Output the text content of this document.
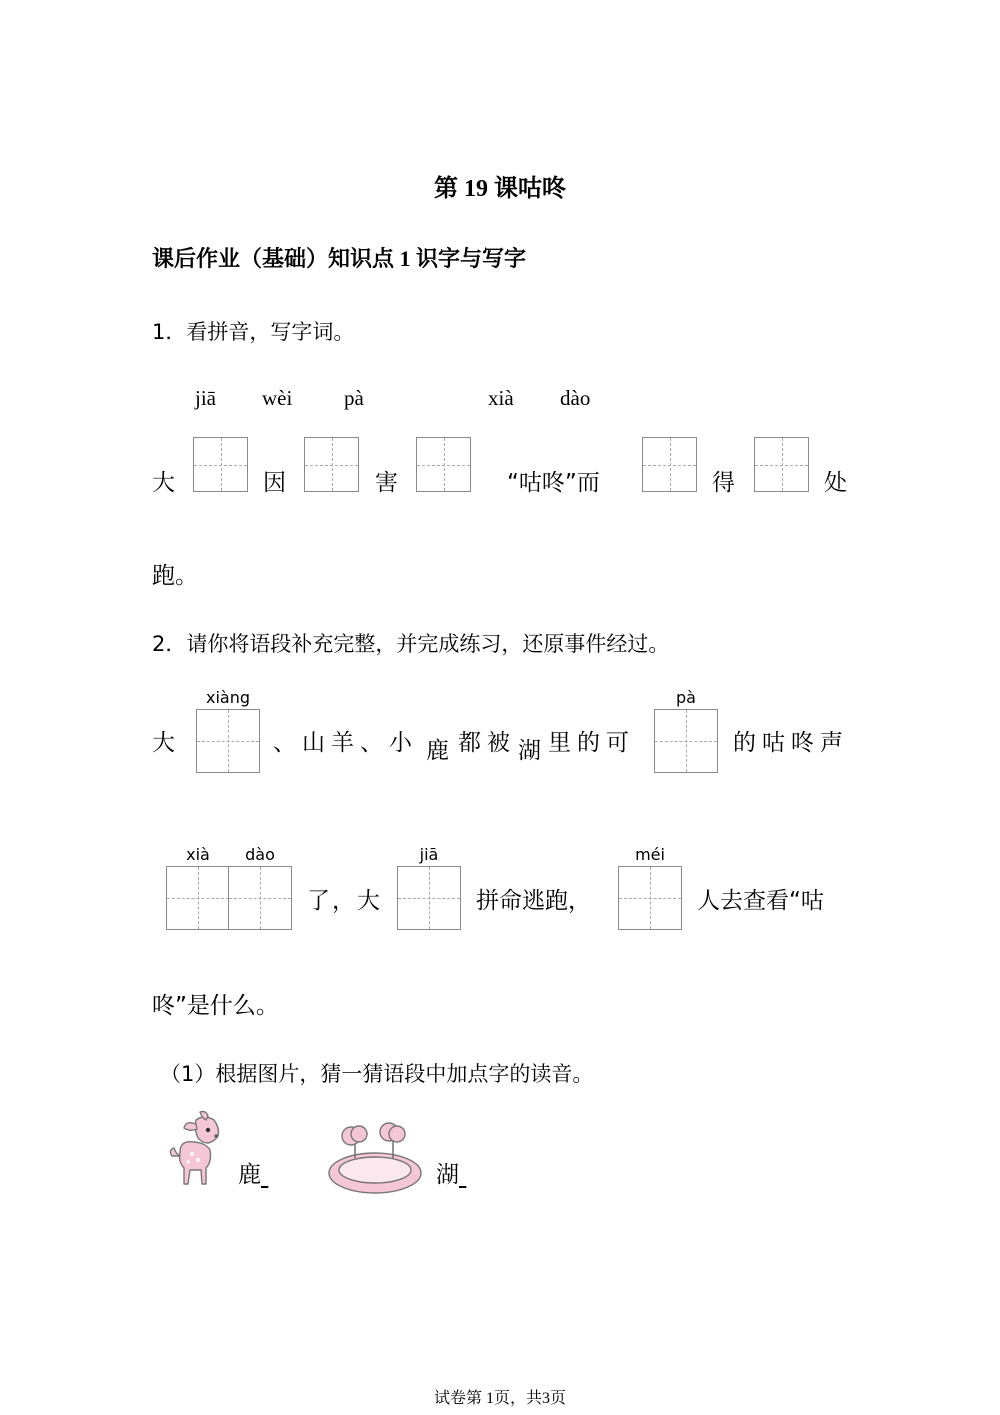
第 19 课咕咚
课后作业（基础）知识点 1 识字与写字
1．看拼音，写字词。
jiā wèi pà	xià dào
大	因	害	“咕咚”而	得	处
跑。
2．请你将语段补充完整，并完成练习，还原事件经过。
xiàng	pà
大	、山羊、小 鹿 都被 湖 里的可	的咕咚声
xià	dào	jiā	méi
了，大	拼命逃跑，	人去查看“咕
咚”是什么。
（1）根据图片，猜一猜语段中加点字的读音。
鹿	湖
试卷第 1页，共3页
